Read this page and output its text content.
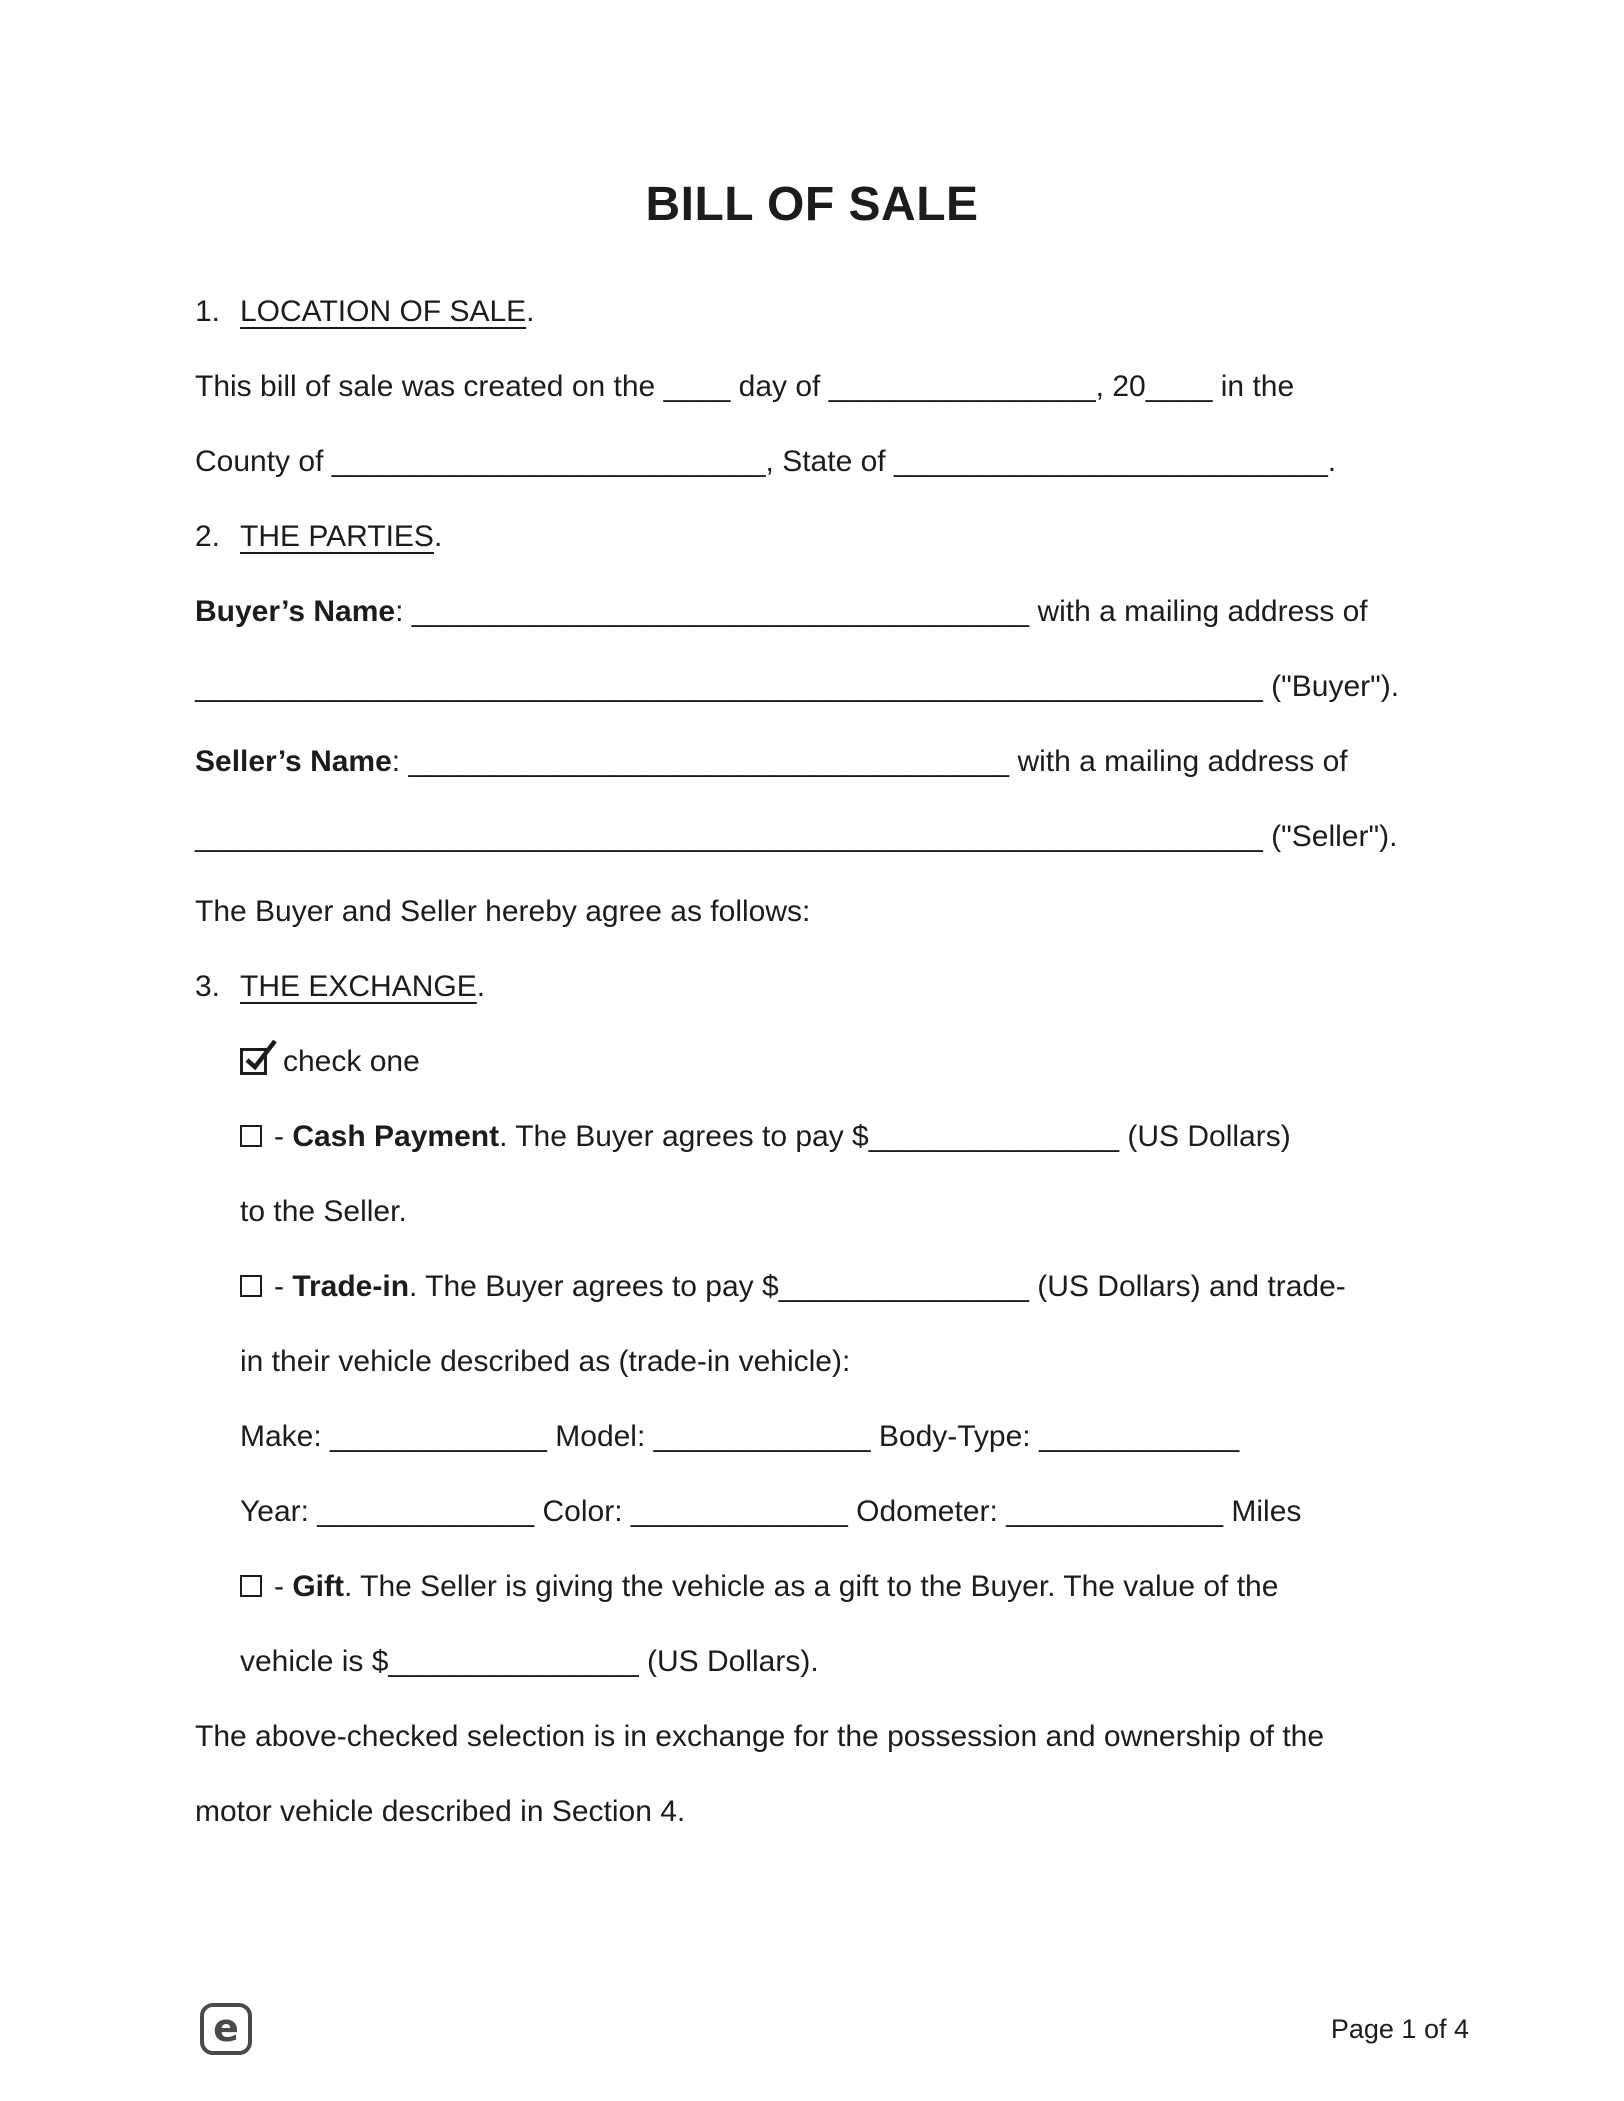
BILL OF SALE
1. LOCATION OF SALE.
This bill of sale was created on the ____ day of ________________, 20____ in the
County of __________________________, State of __________________________.
2. THE PARTIES.
Buyer’s Name: _____________________________________ with a mailing address of
________________________________________________________________ ("Buyer").
Seller’s Name: ____________________________________ with a mailing address of
________________________________________________________________ ("Seller").
The Buyer and Seller hereby agree as follows:
3. THE EXCHANGE.
check one
- Cash Payment. The Buyer agrees to pay $_______________ (US Dollars)
to the Seller.
- Trade-in. The Buyer agrees to pay $_______________ (US Dollars) and trade-
in their vehicle described as (trade-in vehicle):
Make: _____________ Model: _____________ Body-Type: ____________
Year: _____________ Color: _____________ Odometer: _____________ Miles
- Gift. The Seller is giving the vehicle as a gift to the Buyer. The value of the
vehicle is $_______________ (US Dollars).
The above-checked selection is in exchange for the possession and ownership of the
motor vehicle described in Section 4.
e	Page 1 of 4
